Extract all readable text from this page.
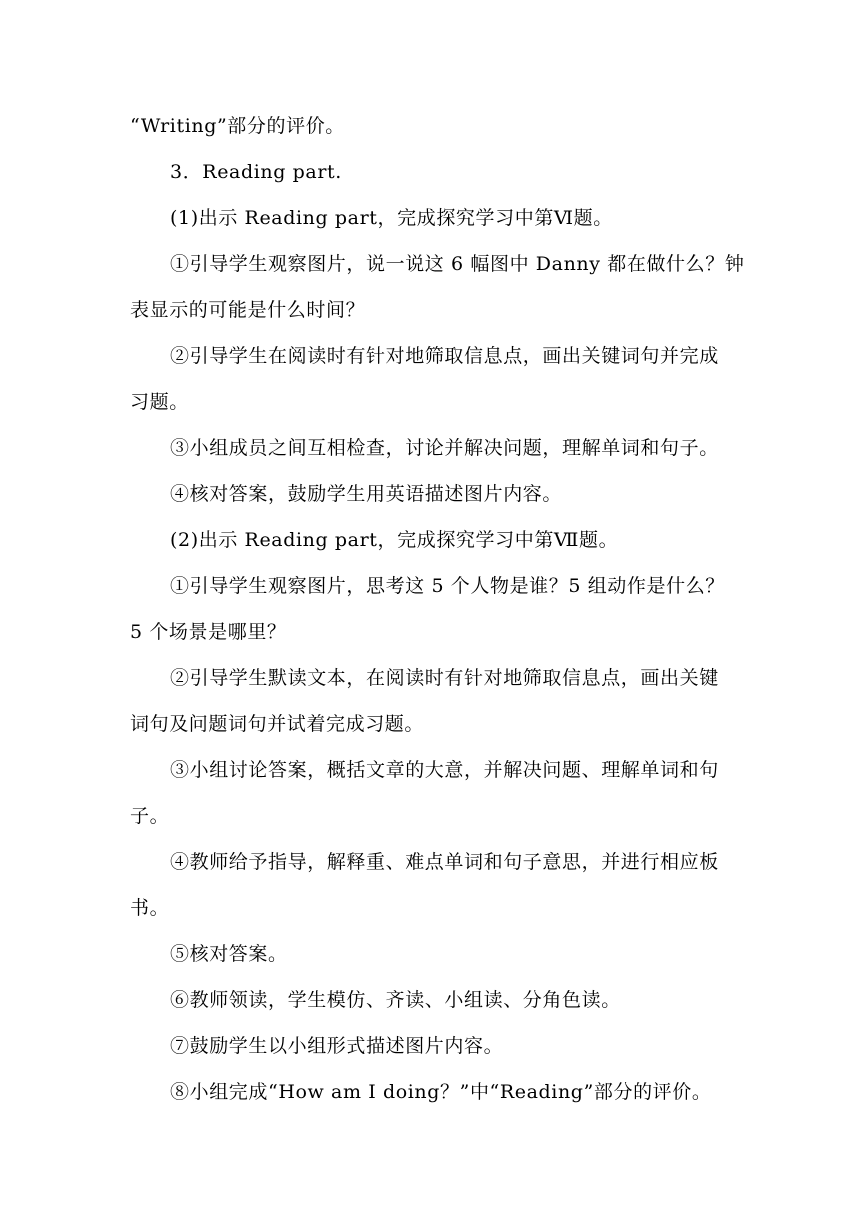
“Writing”部分的评价。

3．Reading part.

(1)出示 Reading part，完成探究学习中第Ⅵ题。

①引导学生观察图片，说一说这 6 幅图中 Danny 都在做什么？钟

表显示的可能是什么时间？

②引导学生在阅读时有针对地筛取信息点，画出关键词句并完成

习题。

③小组成员之间互相检查，讨论并解决问题，理解单词和句子。

④核对答案，鼓励学生用英语描述图片内容。

(2)出示 Reading part，完成探究学习中第Ⅶ题。

①引导学生观察图片，思考这 5 个人物是谁？5 组动作是什么？

5 个场景是哪里？

②引导学生默读文本，在阅读时有针对地筛取信息点，画出关键

词句及问题词句并试着完成习题。

③小组讨论答案，概括文章的大意，并解决问题、理解单词和句

子。

④教师给予指导，解释重、难点单词和句子意思，并进行相应板

书。

⑤核对答案。

⑥教师领读，学生模仿、齐读、小组读、分角色读。

⑦鼓励学生以小组形式描述图片内容。

⑧小组完成“How am I doing？”中“Reading”部分的评价。
